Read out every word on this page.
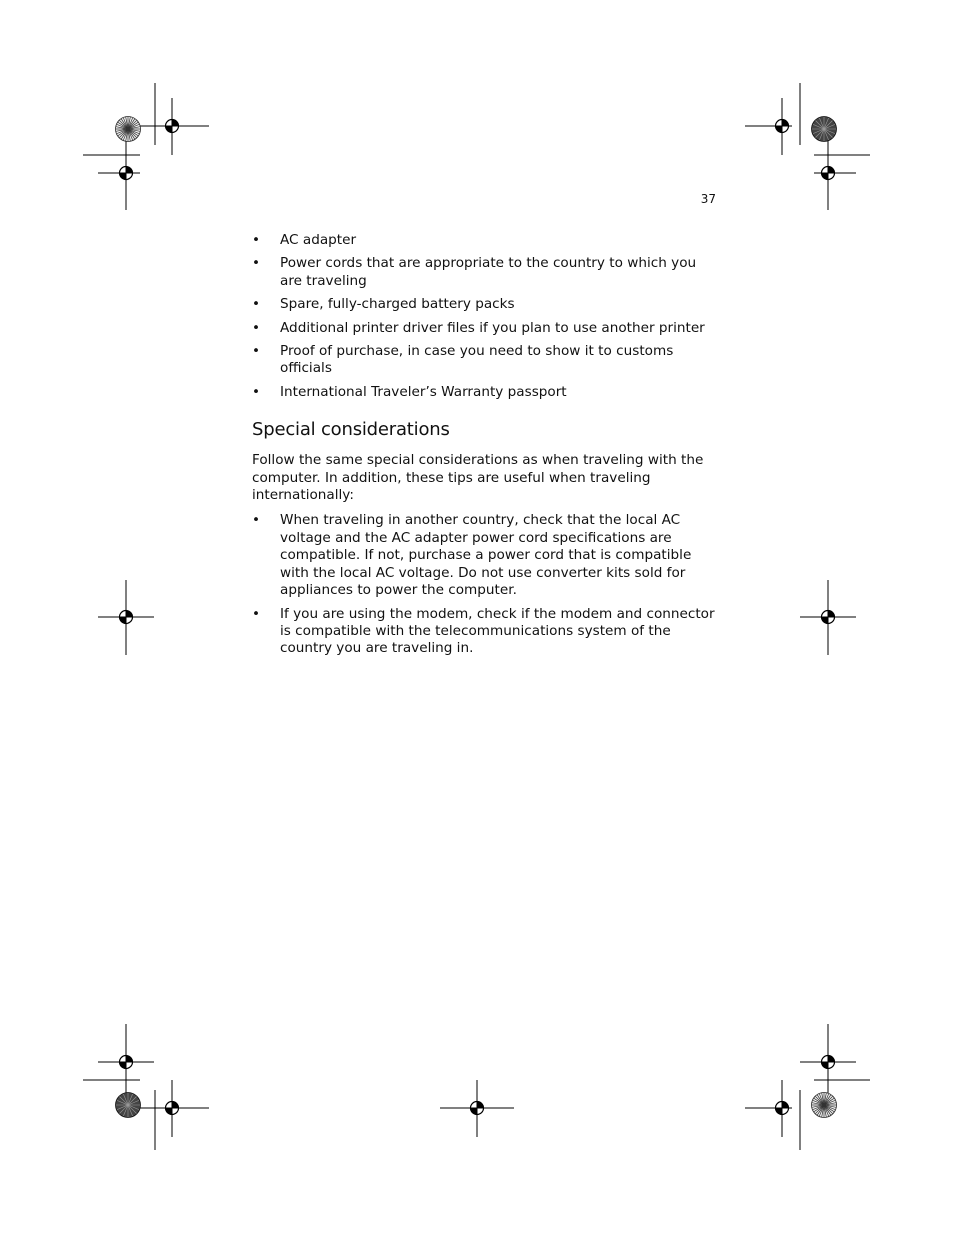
37
• AC adapter
• Power cords that are appropriate to the country to which you are traveling
• Spare, fully-charged battery packs
• Additional printer driver files if you plan to use another printer
• Proof of purchase, in case you need to show it to customs officials
• International Traveler’s Warranty passport
Special considerations

Follow the same special considerations as when traveling with the computer. In addition, these tips are useful when traveling internationally:

• When traveling in another country, check that the local AC voltage and the AC adapter power cord specifications are compatible. If not, purchase a power cord that is compatible with the local AC voltage. Do not use converter kits sold for appliances to power the computer.
• If you are using the modem, check if the modem and connector is compatible with the telecommunications system of the country you are traveling in.
